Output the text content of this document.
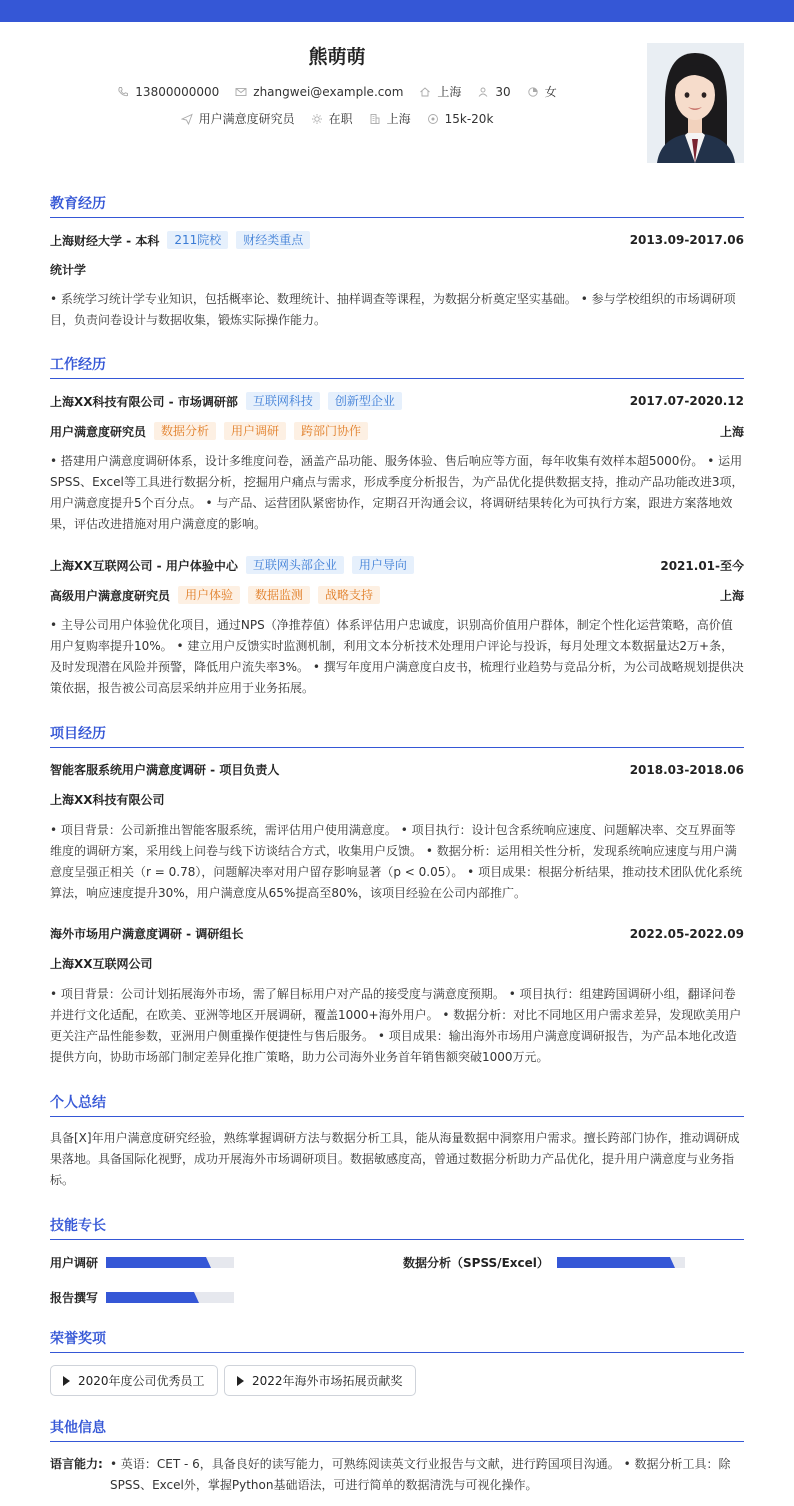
熊萌萌
13800000000	zhangwei@example.com	上海	30	女
用户满意度研究员	在职	上海	15k-20k
教育经历
上海财经大学 - 本科	211院校	财经类重点	2013.09-2017.06
统计学
• 系统学习统计学专业知识，包括概率论、数理统计、抽样调查等课程，为数据分析奠定坚实基础。 • 参与学校组织的市场调研项目，负责问卷设计与数据收集，锻炼实际操作能力。
工作经历
上海XX科技有限公司 - 市场调研部	互联网科技	创新型企业	2017.07-2020.12
用户满意度研究员	数据分析	用户调研	跨部门协作	上海
• 搭建用户满意度调研体系，设计多维度问卷，涵盖产品功能、服务体验、售后响应等方面，每年收集有效样本超5000份。 • 运用SPSS、Excel等工具进行数据分析，挖掘用户痛点与需求，形成季度分析报告，为产品优化提供数据支持，推动产品功能改进3项，用户满意度提升5个百分点。 • 与产品、运营团队紧密协作，定期召开沟通会议，将调研结果转化为可执行方案，跟进方案落地效果，评估改进措施对用户满意度的影响。
上海XX互联网公司 - 用户体验中心	互联网头部企业	用户导向	2021.01-至今
高级用户满意度研究员	用户体验	数据监测	战略支持	上海
• 主导公司用户体验优化项目，通过NPS（净推荐值）体系评估用户忠诚度，识别高价值用户群体，制定个性化运营策略，高价值用户复购率提升10%。 • 建立用户反馈实时监测机制，利用文本分析技术处理用户评论与投诉，每月处理文本数据量达2万+条，及时发现潜在风险并预警，降低用户流失率3%。 • 撰写年度用户满意度白皮书，梳理行业趋势与竞品分析，为公司战略规划提供决策依据，报告被公司高层采纳并应用于业务拓展。
项目经历
智能客服系统用户满意度调研 - 项目负责人	2018.03-2018.06
上海XX科技有限公司
• 项目背景：公司新推出智能客服系统，需评估用户使用满意度。 • 项目执行：设计包含系统响应速度、问题解决率、交互界面等维度的调研方案，采用线上问卷与线下访谈结合方式，收集用户反馈。 • 数据分析：运用相关性分析，发现系统响应速度与用户满意度呈强正相关（r = 0.78），问题解决率对用户留存影响显著（p < 0.05）。 • 项目成果：根据分析结果，推动技术团队优化系统算法，响应速度提升30%，用户满意度从65%提高至80%，该项目经验在公司内部推广。
海外市场用户满意度调研 - 调研组长	2022.05-2022.09
上海XX互联网公司
• 项目背景：公司计划拓展海外市场，需了解目标用户对产品的接受度与满意度预期。 • 项目执行：组建跨国调研小组，翻译问卷并进行文化适配，在欧美、亚洲等地区开展调研，覆盖1000+海外用户。 • 数据分析：对比不同地区用户需求差异，发现欧美用户更关注产品性能参数，亚洲用户侧重操作便捷性与售后服务。 • 项目成果：输出海外市场用户满意度调研报告，为产品本地化改造提供方向，协助市场部门制定差异化推广策略，助力公司海外业务首年销售额突破1000万元。
个人总结
具备[X]年用户满意度研究经验，熟练掌握调研方法与数据分析工具，能从海量数据中洞察用户需求。擅长跨部门协作，推动调研成果落地。具备国际化视野，成功开展海外市场调研项目。数据敏感度高，曾通过数据分析助力产品优化，提升用户满意度与业务指标。
技能专长
用户调研	数据分析（SPSS/Excel）
报告撰写
荣誉奖项
2020年度公司优秀员工	2022年海外市场拓展贡献奖
其他信息
语言能力: • 英语：CET - 6，具备良好的读写能力，可熟练阅读英文行业报告与文献，进行跨国项目沟通。 • 数据分析工具：除SPSS、Excel外，掌握Python基础语法，可进行简单的数据清洗与可视化操作。
